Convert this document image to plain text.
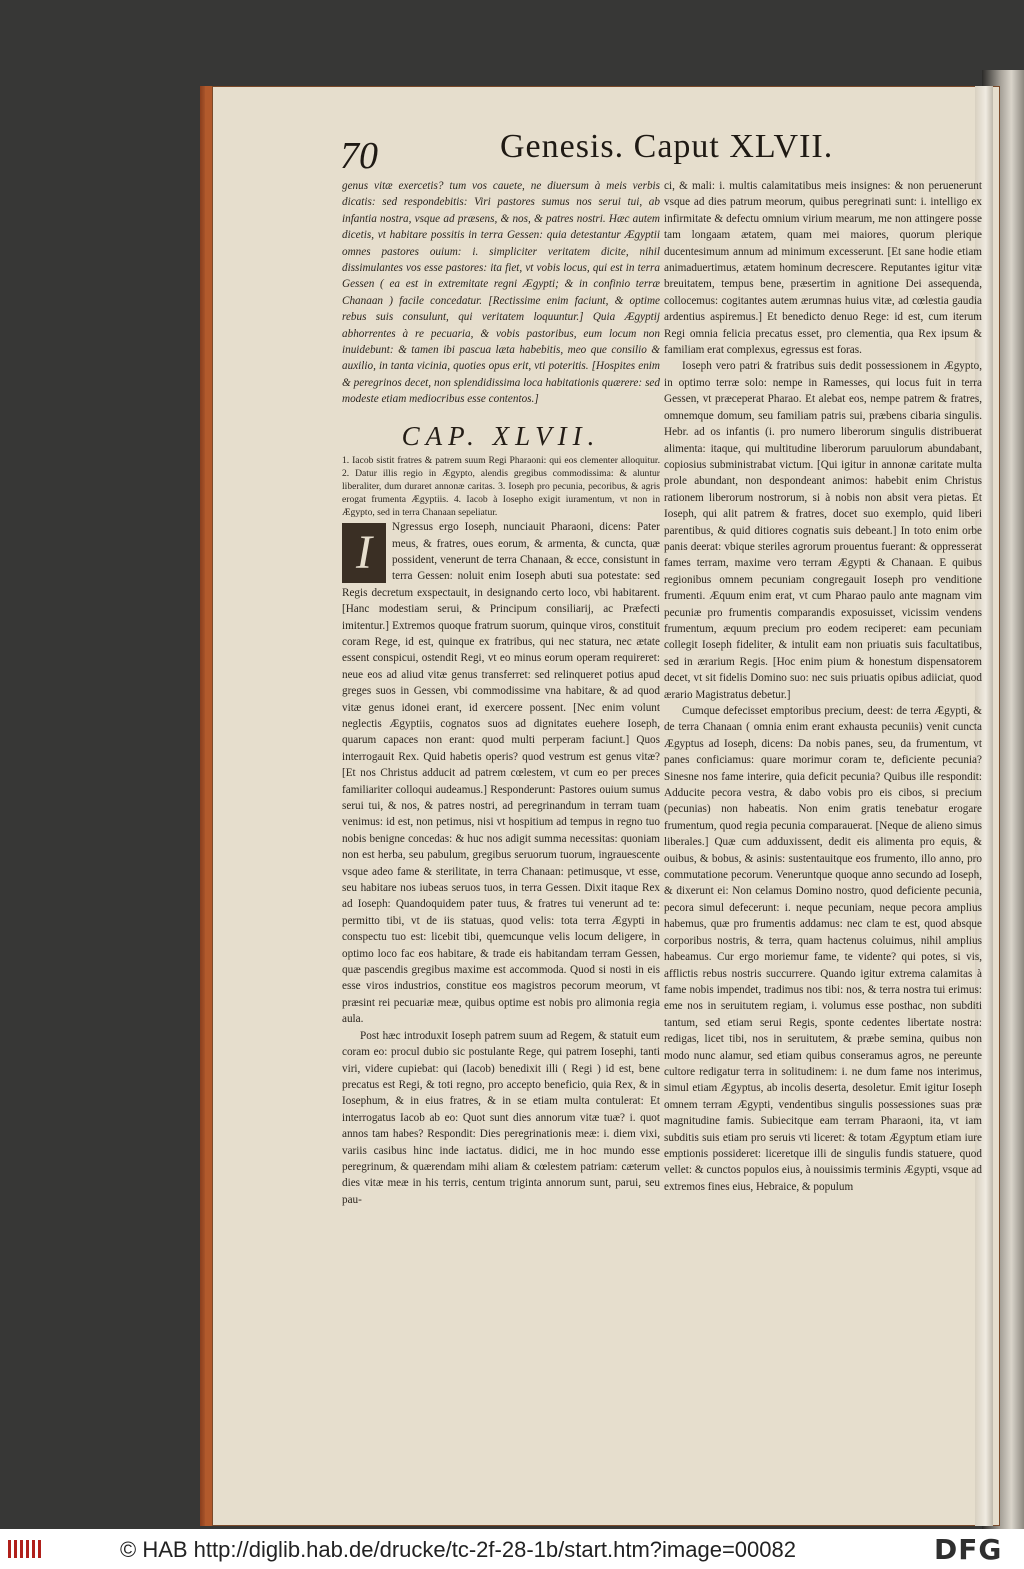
70	Genesis. Caput XLVII.

genus vitæ exercetis? tum vos cauete, ne diuersum à meis verbis dicatis: sed respondebitis: Viri pastores sumus nos serui tui, ab infantia nostra, vsque ad præsens, & nos, & patres nostri. Hæc autem dicetis, vt habitare possitis in terra Gessen: quia detestantur Ægyptii omnes pastores ouium: i. simpliciter veritatem dicite, nihil dissimulantes vos esse pastores: ita fiet, vt vobis locus, qui est in terra Gessen ( ea est in extremitate regni Ægypti; & in confinio terræ Chanaan ) facile concedatur. [Rectissime enim faciunt, & optime rebus suis consulunt, qui veritatem loquuntur.] Quia Ægyptij abhorrentes à re pecuaria, & vobis pastoribus, eum locum non inuidebunt: & tamen ibi pascua læta habebitis, meo que consilio & auxilio, in tanta vicinia, quoties opus erit, vti poteritis. [Hospites enim & peregrinos decet, non splendidissima loca habitationis quærere: sed modeste etiam mediocribus esse contentos.]

CAP. XLVII.

1. Iacob sistit fratres & patrem suum Regi Pharaoni: qui eos clementer alloquitur. 2. Datur illis regio in Ægypto, alendis gregibus commodissima: & aluntur liberaliter, dum duraret annonæ caritas. 3. Ioseph pro pecunia, pecoribus, & agris erogat frumenta Ægyptiis. 4. Iacob à Iosepho exigit iuramentum, vt non in Ægypto, sed in terra Chanaan sepeliatur.

I	Ngressus ergo Ioseph, nunciauit Pharaoni, dicens: Pater meus, & fratres, oues eorum, & armenta, & cuncta, quæ possident, venerunt de terra Chanaan, & ecce, consistunt in terra Gessen: noluit enim Ioseph abuti sua potestate: sed Regis decretum exspectauit, in designando certo loco, vbi habitarent. [Hanc modestiam serui, & Principum consiliarij, ac Præfecti imitentur.] Extremos quoque fratrum suorum, quinque viros, constituit coram Rege, id est, quinque ex fratribus, qui nec statura, nec ætate essent conspicui, ostendit Regi, vt eo minus eorum operam requireret: neue eos ad aliud vitæ genus transferret: sed relinqueret potius apud greges suos in Gessen, vbi commodissime vna habitare, & ad quod vitæ genus idonei erant, id exercere possent. [Nec enim volunt neglectis Ægyptiis, cognatos suos ad dignitates euehere Ioseph, quarum capaces non erant: quod multi perperam faciunt.] Quos interrogauit Rex. Quid habetis operis? quod vestrum est genus vitæ? [Et nos Christus adducit ad patrem cœlestem, vt cum eo per preces familiariter colloqui audeamus.] Responderunt: Pastores ouium sumus serui tui, & nos, & patres nostri, ad peregrinandum in terram tuam venimus: id est, non petimus, nisi vt hospitium ad tempus in regno tuo nobis benigne concedas: & huc nos adigit summa necessitas: quoniam non est herba, seu pabulum, gregibus seruorum tuorum, ingrauescente vsque adeo fame & sterilitate, in terra Chanaan: petimusque, vt esse, seu habitare nos iubeas seruos tuos, in terra Gessen. Dixit itaque Rex ad Ioseph: Quandoquidem pater tuus, & fratres tui venerunt ad te: permitto tibi, vt de iis statuas, quod velis: tota terra Ægypti in conspectu tuo est: licebit tibi, quemcunque velis locum deligere, in optimo loco fac eos habitare, & trade eis habitandam terram Gessen, quæ pascendis gregibus maxime est accommoda. Quod si nosti in eis esse viros industrios, constitue eos magistros pecorum meorum, vt præsint rei pecuariæ meæ, quibus optime est nobis pro alimonia regia aula.

Post hæc introduxit Ioseph patrem suum ad Regem, & statuit eum coram eo: procul dubio sic postulante Rege, qui patrem Iosephi, tanti viri, videre cupiebat: qui (Iacob) benedixit illi ( Regi ) id est, bene precatus est Regi, & toti regno, pro accepto beneficio, quia Rex, & in Iosephum, & in eius fratres, & in se etiam multa contulerat: Et interrogatus Iacob ab eo: Quot sunt dies annorum vitæ tuæ? i. quot annos tam habes? Respondit: Dies peregrinationis meæ: i. diem vixi, variis casibus hinc inde iactatus. didici, me in hoc mundo esse peregrinum, & quærendam mihi aliam & cœlestem patriam: cæterum dies vitæ meæ in his terris, centum triginta annorum sunt, parui, seu pau-

ci, & mali: i. multis calamitatibus meis insignes: & non peruenerunt vsque ad dies patrum meorum, quibus peregrinati sunt: i. intelligo ex infirmitate & defectu omnium virium mearum, me non attingere posse tam longaam ætatem, quam mei maiores, quorum plerique ducentesimum annum ad minimum excesserunt. [Et sane hodie etiam animaduertimus, ætatem hominum decrescere. Reputantes igitur vitæ breuitatem, tempus bene, præsertim in agnitione Dei assequenda, collocemus: cogitantes autem ærumnas huius vitæ, ad cœlestia gaudia ardentius aspiremus.] Et benedicto denuo Rege: id est, cum iterum Regi omnia felicia precatus esset, pro clementia, qua Rex ipsum & familiam erat complexus, egressus est foras.

Ioseph vero patri & fratribus suis dedit possessionem in Ægypto, in optimo terræ solo: nempe in Ramesses, qui locus fuit in terra Gessen, vt præceperat Pharao. Et alebat eos, nempe patrem & fratres, omnemque domum, seu familiam patris sui, præbens cibaria singulis. Hebr. ad os infantis (i. pro numero liberorum singulis distribuerat alimenta: itaque, qui multitudine liberorum paruulorum abundabant, copiosius subministrabat victum. [Qui igitur in annonæ caritate multa prole abundant, non despondeant animos: habebit enim Christus rationem liberorum nostrorum, si à nobis non absit vera pietas. Et Ioseph, qui alit patrem & fratres, docet suo exemplo, quid liberi parentibus, & quid ditiores cognatis suis debeant.] In toto enim orbe panis deerat: vbique steriles agrorum prouentus fuerant: & oppresserat fames terram, maxime vero terram Ægypti & Chanaan. E quibus regionibus omnem pecuniam congregauit Ioseph pro venditione frumenti. Æquum enim erat, vt cum Pharao paulo ante magnam vim pecuniæ pro frumentis comparandis exposuisset, vicissim vendens frumentum, æquum precium pro eodem reciperet: eam pecuniam collegit Ioseph fideliter, & intulit eam non priuatis suis facultatibus, sed in ærarium Regis. [Hoc enim pium & honestum dispensatorem decet, vt sit fidelis Domino suo: nec suis priuatis opibus adiiciat, quod ærario Magistratus debetur.]

Cumque defecisset emptoribus precium, deest: de terra Ægypti, & de terra Chanaan ( omnia enim erant exhausta pecuniis) venit cuncta Ægyptus ad Ioseph, dicens: Da nobis panes, seu, da frumentum, vt panes conficiamus: quare morimur coram te, deficiente pecunia? Sinesne nos fame interire, quia deficit pecunia? Quibus ille respondit: Adducite pecora vestra, & dabo vobis pro eis cibos, si precium (pecunias) non habeatis. Non enim gratis tenebatur erogare frumentum, quod regia pecunia comparauerat. [Neque de alieno simus liberales.] Quæ cum adduxissent, dedit eis alimenta pro equis, & ouibus, & bobus, & asinis: sustentauitque eos frumento, illo anno, pro commutatione pecorum. Veneruntque quoque anno secundo ad Ioseph, & dixerunt ei: Non celamus Domino nostro, quod deficiente pecunia, pecora simul defecerunt: i. neque pecuniam, neque pecora amplius habemus, quæ pro frumentis addamus: nec clam te est, quod absque corporibus nostris, & terra, quam hactenus coluimus, nihil amplius habeamus. Cur ergo moriemur fame, te vidente? qui potes, si vis, afflictis rebus nostris succurrere. Quando igitur extrema calamitas à fame nobis impendet, tradimus nos tibi: nos, & terra nostra tui erimus: eme nos in seruitutem regiam, i. volumus esse posthac, non subditi tantum, sed etiam serui Regis, sponte cedentes libertate nostra: redigas, licet tibi, nos in seruitutem, & præbe semina, quibus non modo nunc alamur, sed etiam quibus conseramus agros, ne pereunte cultore redigatur terra in solitudinem: i. ne dum fame nos interimus, simul etiam Ægyptus, ab incolis deserta, desoletur. Emit igitur Ioseph omnem terram Ægypti, vendentibus singulis possessiones suas præ magnitudine famis. Subiecitque eam terram Pharaoni, ita, vt iam subditis suis etiam pro seruis vti liceret: & totam Ægyptum etiam iure emptionis possideret: liceretque illi de singulis fundis statuere, quod vellet: & cunctos populos eius, à nouissimis terminis Ægypti, vsque ad extremos fines eius, Hebraice, & populum

© HAB http://diglib.hab.de/drucke/tc-2f-28-1b/start.htm?image=00082	DFG
